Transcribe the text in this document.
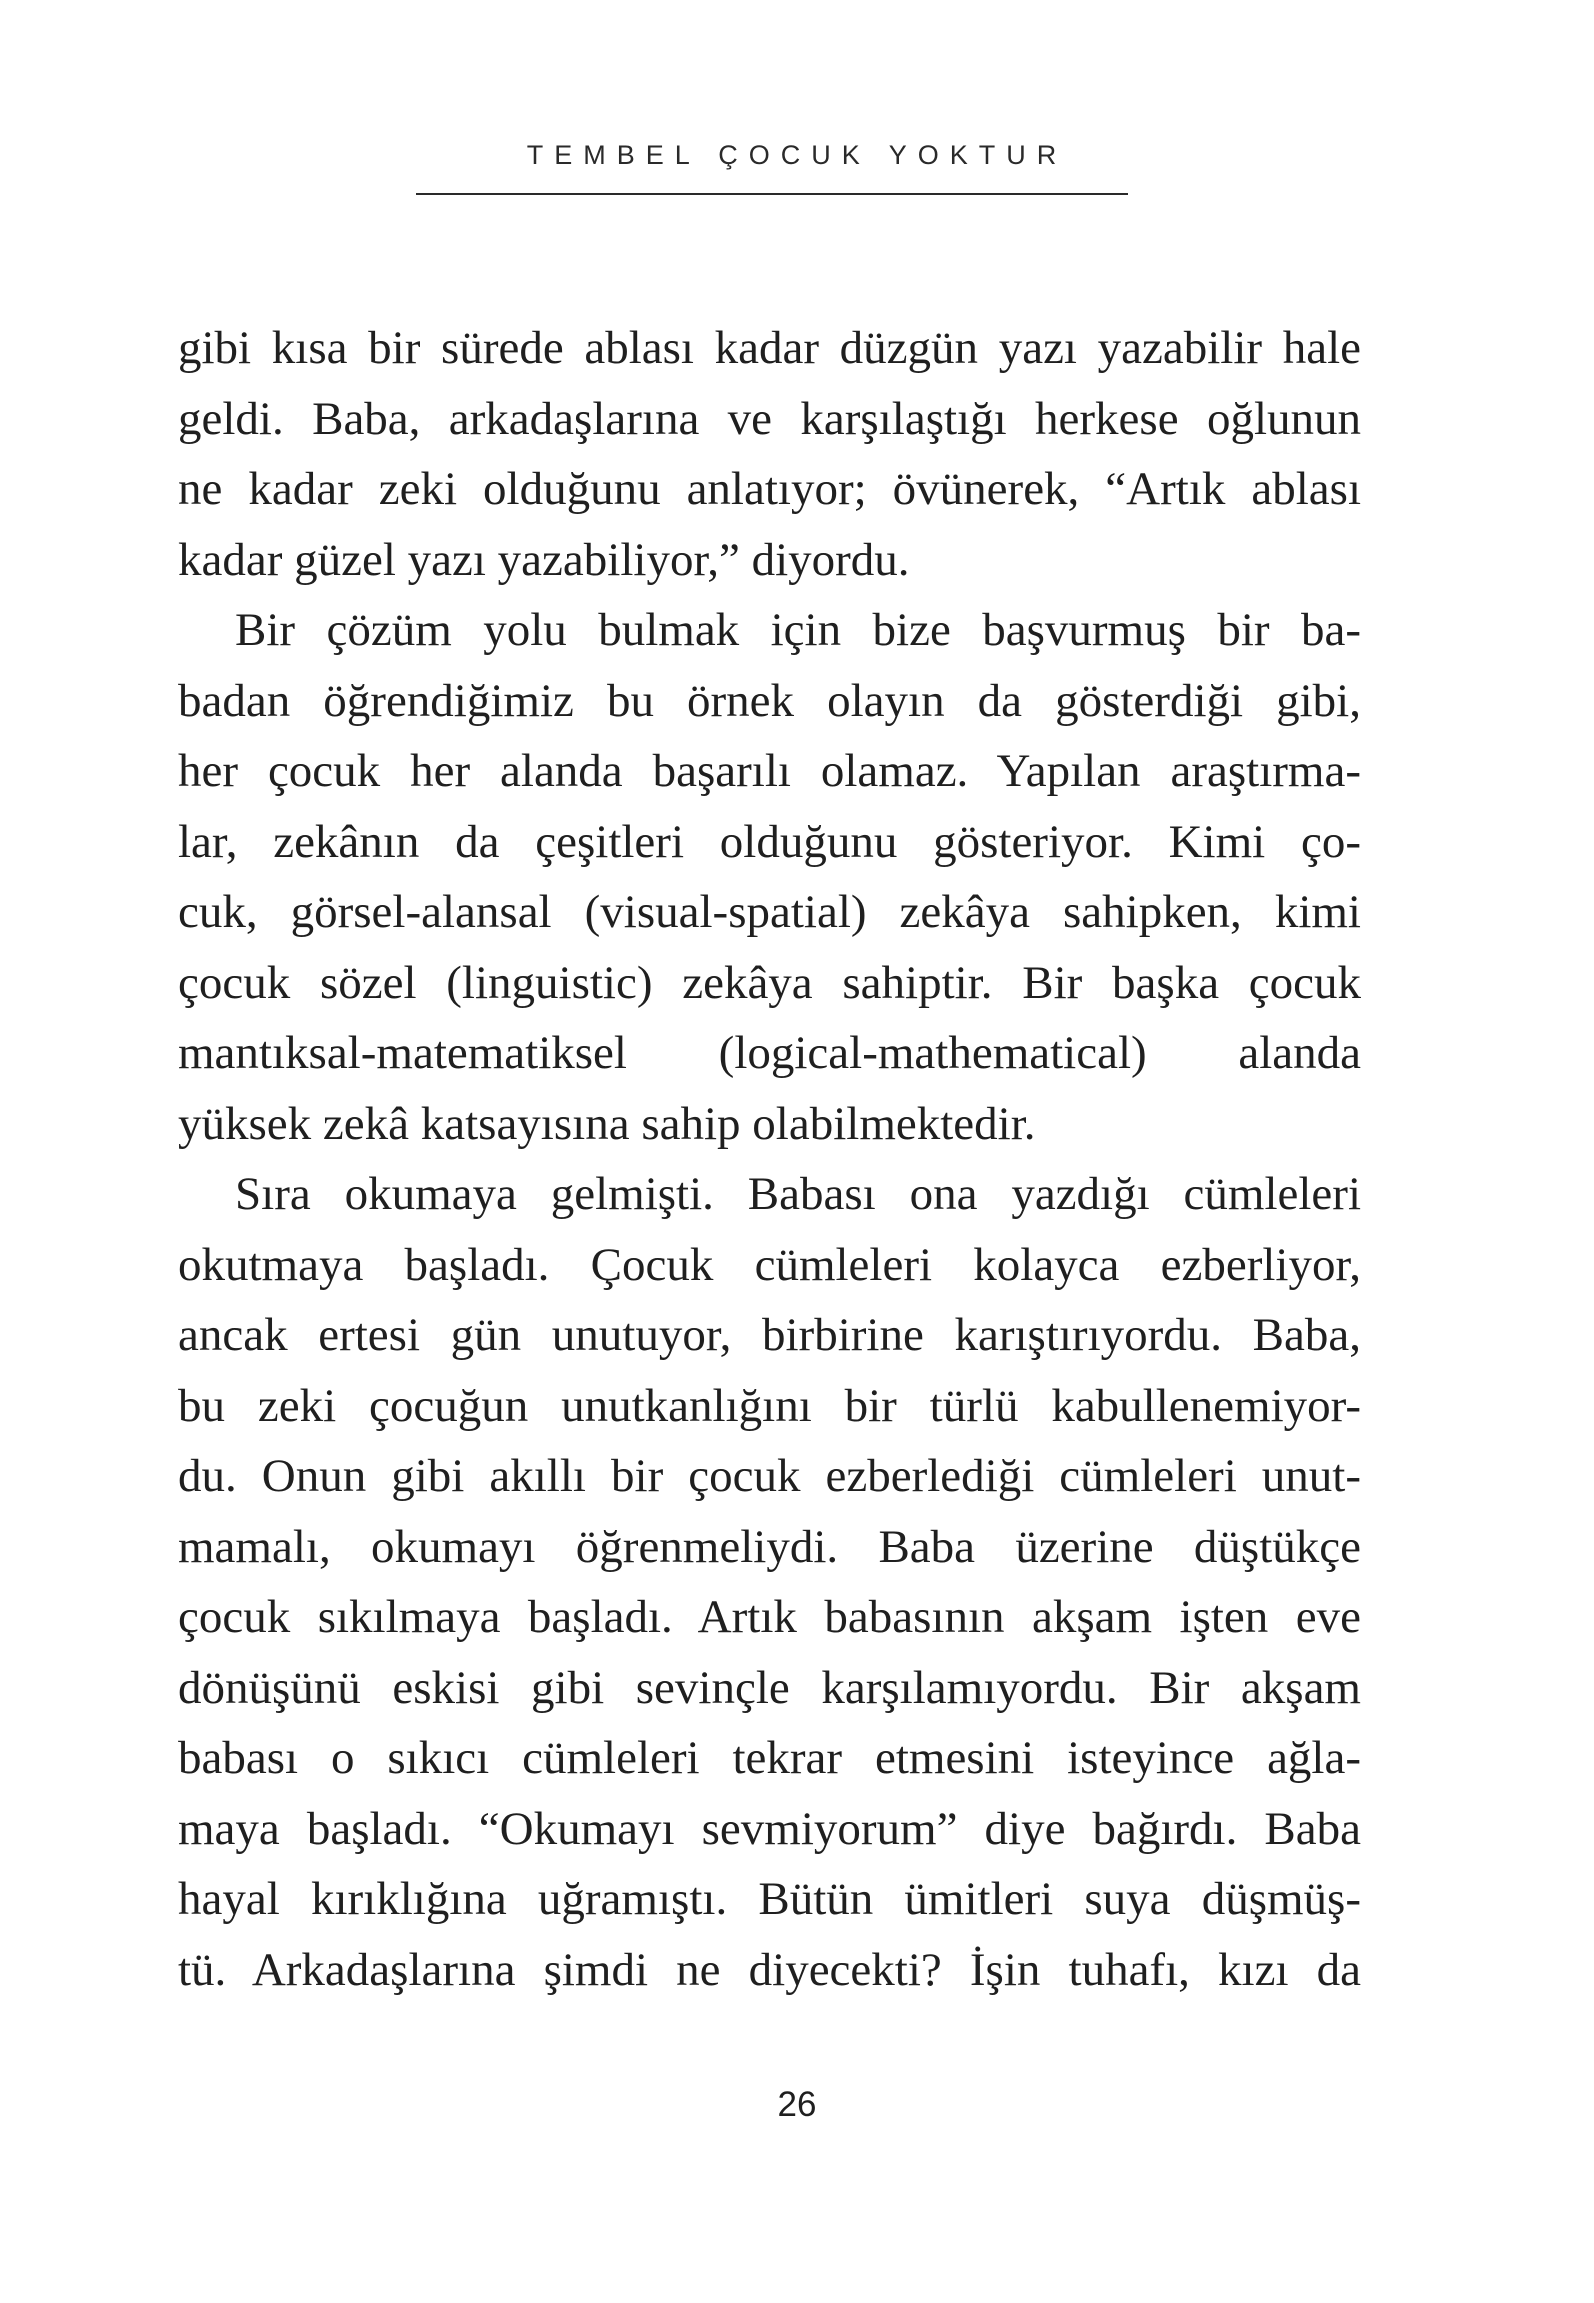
TEMBEL ÇOCUK YOKTUR

gibi kısa bir sürede ablası kadar düzgün yazı yazabilir hale
geldi. Baba, arkadaşlarına ve karşılaştığı herkese oğlunun
ne kadar zeki olduğunu anlatıyor; övünerek, “Artık ablası
kadar güzel yazı yazabiliyor,” diyordu.

Bir çözüm yolu bulmak için bize başvurmuş bir ba-
badan öğrendiğimiz bu örnek olayın da gösterdiği gibi,
her çocuk her alanda başarılı olamaz. Yapılan araştırma-
lar, zekânın da çeşitleri olduğunu gösteriyor. Kimi ço-
cuk, görsel-alansal (visual-spatial) zekâya sahipken, kimi
çocuk sözel (linguistic) zekâya sahiptir. Bir başka çocuk
mantıksal-matematiksel (logical-mathematical) alanda
yüksek zekâ katsayısına sahip olabilmektedir.

Sıra okumaya gelmişti. Babası ona yazdığı cümleleri
okutmaya başladı. Çocuk cümleleri kolayca ezberliyor,
ancak ertesi gün unutuyor, birbirine karıştırıyordu. Baba,
bu zeki çocuğun unutkanlığını bir türlü kabullenemiyor-
du. Onun gibi akıllı bir çocuk ezberlediği cümleleri unut-
mamalı, okumayı öğrenmeliydi. Baba üzerine düştükçe
çocuk sıkılmaya başladı. Artık babasının akşam işten eve
dönüşünü eskisi gibi sevinçle karşılamıyordu. Bir akşam
babası o sıkıcı cümleleri tekrar etmesini isteyince ağla-
maya başladı. “Okumayı sevmiyorum” diye bağırdı. Baba
hayal kırıklığına uğramıştı. Bütün ümitleri suya düşmüş-
tü. Arkadaşlarına şimdi ne diyecekti? İşin tuhafı, kızı da

26
